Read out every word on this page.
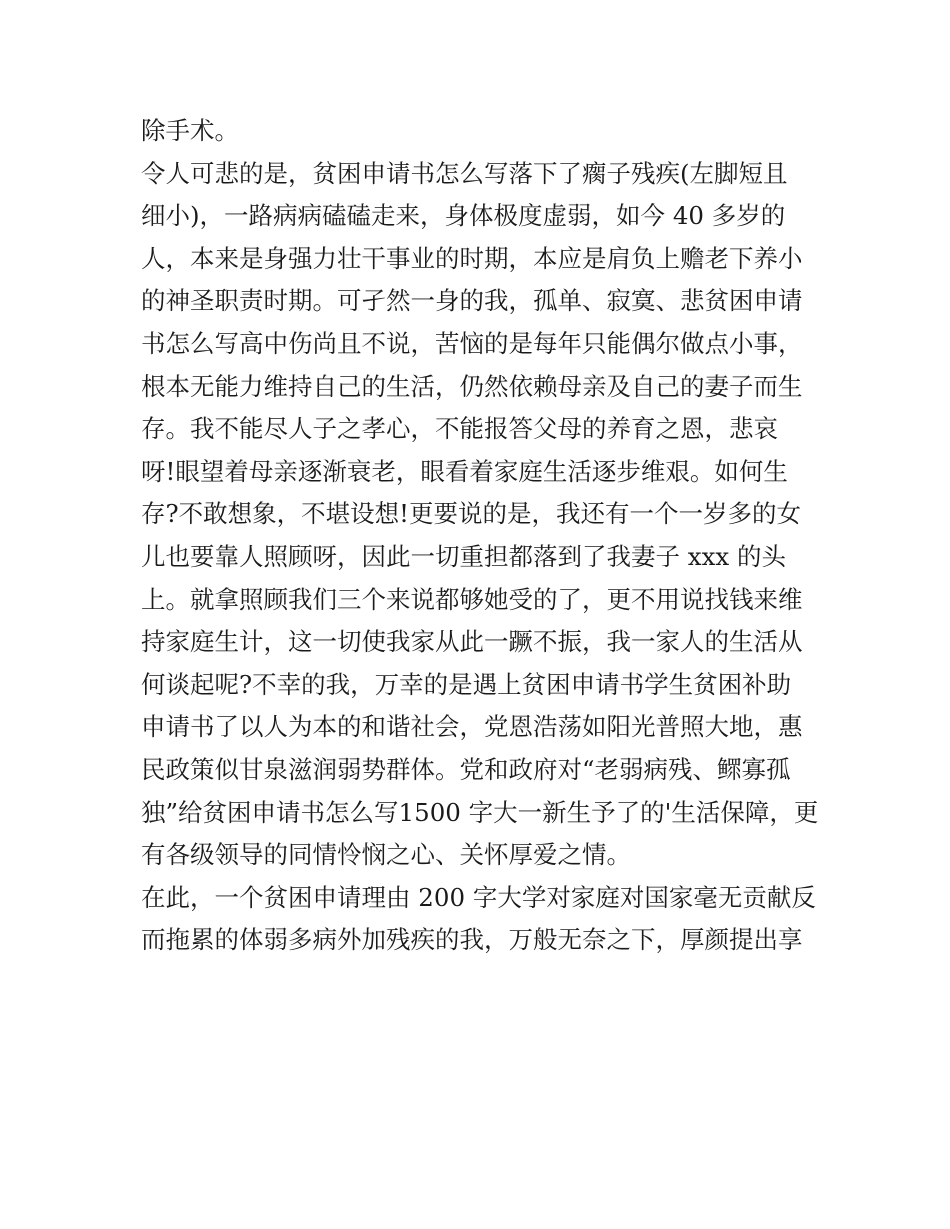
除手术。
令人可悲的是，贫困申请书怎么写落下了瘸子残疾(左脚短且
细小)，一路病病磕磕走来，身体极度虚弱，如今 40 多岁的
人，本来是身强力壮干事业的时期，本应是肩负上赡老下养小
的神圣职责时期。可孑然一身的我，孤单、寂寞、悲贫困申请
书怎么写高中伤尚且不说，苦恼的是每年只能偶尔做点小事，
根本无能力维持自己的生活，仍然依赖母亲及自己的妻子而生
存。我不能尽人子之孝心，不能报答父母的养育之恩，悲哀
呀!眼望着母亲逐渐衰老，眼看着家庭生活逐步维艰。如何生
存?不敢想象，不堪设想!更要说的是，我还有一个一岁多的女
儿也要靠人照顾呀，因此一切重担都落到了我妻子 xxx 的头
上。就拿照顾我们三个来说都够她受的了，更不用说找钱来维
持家庭生计，这一切使我家从此一蹶不振，我一家人的生活从
何谈起呢?不幸的我，万幸的是遇上贫困申请书学生贫困补助
申请书了以人为本的和谐社会，党恩浩荡如阳光普照大地，惠
民政策似甘泉滋润弱势群体。党和政府对“老弱病残、鳏寡孤
独”给贫困申请书怎么写1500 字大一新生予了的'生活保障，更
有各级领导的同情怜悯之心、关怀厚爱之情。
在此，一个贫困申请理由 200 字大学对家庭对国家毫无贡献反
而拖累的体弱多病外加残疾的我，万般无奈之下，厚颜提出享
